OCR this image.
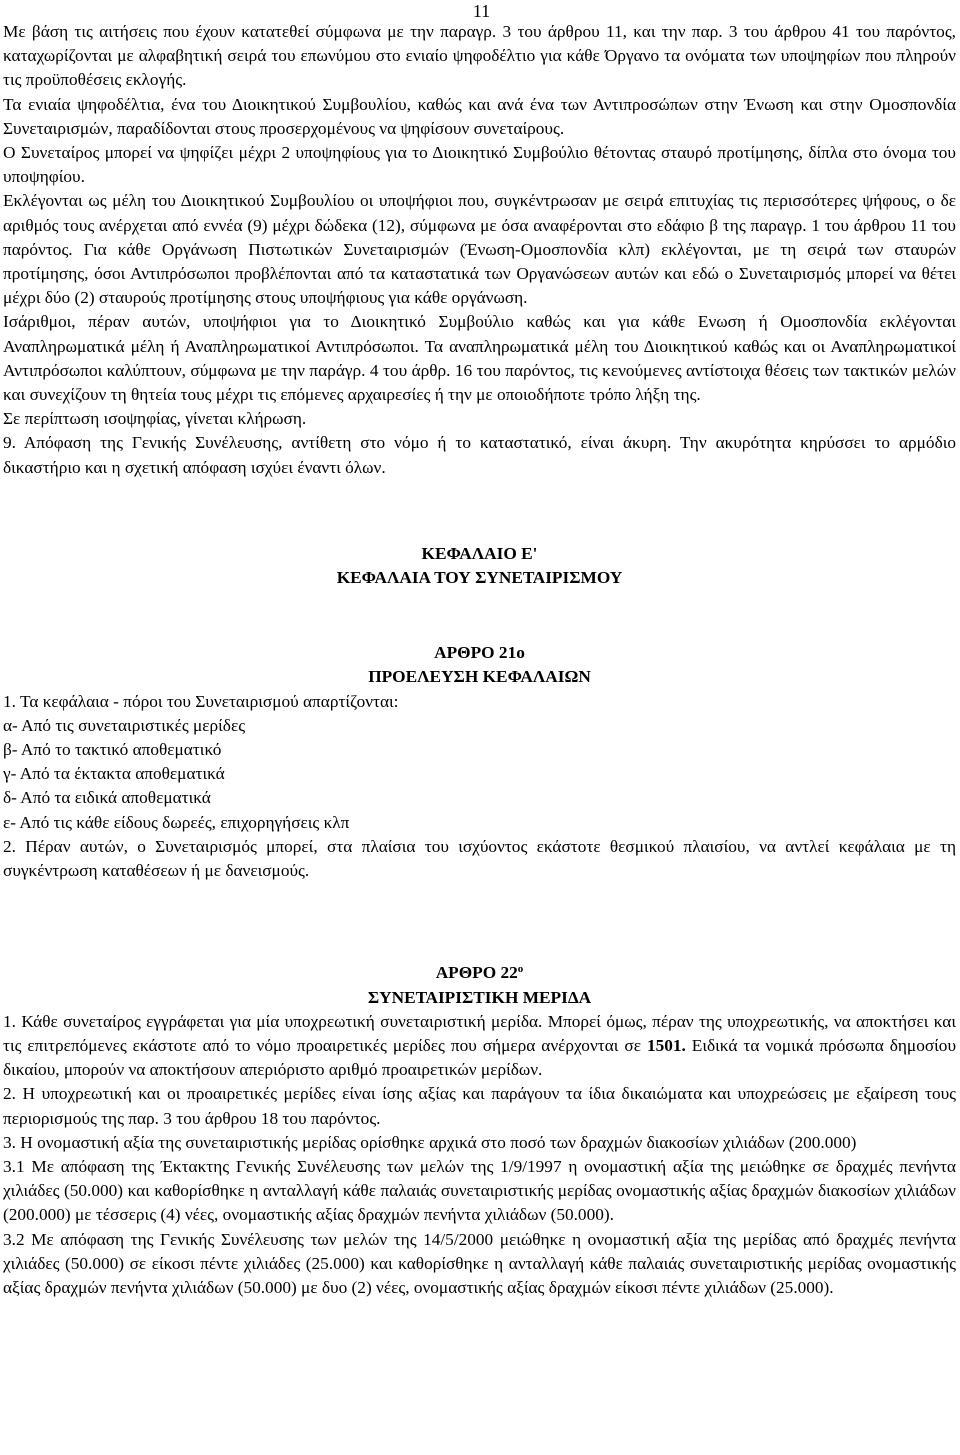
11

Με βάση τις αιτήσεις που έχουν κατατεθεί σύμφωνα με την παραγρ. 3 του άρθρου 11, και την παρ. 3 του άρθρου 41 του παρόντος, καταχωρίζονται με αλφαβητική σειρά του επωνύμου στο ενιαίο ψηφοδέλτιο για κάθε Όργανο τα ονόματα των υποψηφίων που πληρούν τις προϋποθέσεις εκλογής.

Τα ενιαία ψηφοδέλτια, ένα του Διοικητικού Συμβουλίου, καθώς και ανά ένα των Αντιπροσώπων στην Ένωση και στην Ομοσπονδία Συνεταιρισμών, παραδίδονται στους προσερχομένους να ψηφίσουν συνεταίρους.

Ο Συνεταίρος μπορεί να ψηφίζει μέχρι 2 υποψηφίους για το Διοικητικό Συμβούλιο θέτοντας σταυρό προτίμησης, δίπλα στο όνομα του υποψηφίου.

Εκλέγονται ως μέλη του Διοικητικού Συμβουλίου οι υποψήφιοι που, συγκέντρωσαν με σειρά επιτυχίας τις περισσότερες ψήφους, ο δε αριθμός τους ανέρχεται από εννέα (9) μέχρι δώδεκα (12), σύμφωνα με όσα αναφέρονται στο εδάφιο β της παραγρ. 1 του άρθρου 11 του παρόντος. Για κάθε Οργάνωση Πιστωτικών Συνεταιρισμών (Ένωση-Ομοσπονδία κλπ) εκλέγονται, με τη σειρά των σταυρών προτίμησης, όσοι Αντιπρόσωποι προβλέπονται από τα καταστατικά των Οργανώσεων αυτών και εδώ ο Συνεταιρισμός μπορεί να θέτει μέχρι δύο (2) σταυρούς προτίμησης στους υποψήφιους για κάθε οργάνωση.

Ισάριθμοι, πέραν αυτών, υποψήφιοι για το Διοικητικό Συμβούλιο καθώς και για κάθε Ενωση ή Ομοσπονδία εκλέγονται Αναπληρωματικά μέλη ή Αναπληρωματικοί Αντιπρόσωποι. Τα αναπληρωματικά μέλη του Διοικητικού καθώς και οι Αναπληρωματικοί Αντιπρόσωποι καλύπτουν, σύμφωνα με την παράγρ. 4 του άρθρ. 16 του παρόντος, τις κενούμενες αντίστοιχα θέσεις των τακτικών μελών και συνεχίζουν τη θητεία τους μέχρι τις επόμενες αρχαιρεσίες ή την με οποιοδήποτε τρόπο λήξη της.

Σε περίπτωση ισοψηφίας, γίνεται κλήρωση.

9. Απόφαση της Γενικής Συνέλευσης, αντίθετη στο νόμο ή το καταστατικό, είναι άκυρη. Την ακυρότητα κηρύσσει το αρμόδιο δικαστήριο και η σχετική απόφαση ισχύει έναντι όλων.

ΚΕΦΑΛΑΙΟ Ε'

ΚΕΦΑΛΑΙΑ ΤΟΥ ΣΥΝΕΤΑΙΡΙΣΜΟΥ

ΑΡΘΡΟ 21ο

ΠΡΟΕΛΕΥΣΗ ΚΕΦΑΛΑΙΩΝ

1. Τα κεφάλαια - πόροι του Συνεταιρισμού απαρτίζονται:

α- Από τις συνεταιριστικές μερίδες

β- Από το τακτικό αποθεματικό

γ- Από τα έκτακτα αποθεματικά

δ- Από τα ειδικά αποθεματικά

ε- Από τις κάθε είδους δωρεές, επιχορηγήσεις κλπ

2. Πέραν αυτών, ο Συνεταιρισμός μπορεί, στα πλαίσια του ισχύοντος εκάστοτε θεσμικού πλαισίου, να αντλεί κεφάλαια με τη συγκέντρωση καταθέσεων ή με δανεισμούς.

ΑΡΘΡΟ $22^o$

ΣΥΝΕΤΑΙΡΙΣΤΙΚΗ ΜΕΡΙΔΑ

1. Κάθε συνεταίρος εγγράφεται για μία υποχρεωτική συνεταιριστική μερίδα. Μπορεί όμως, πέραν της υποχρεωτικής, να αποκτήσει και τις επιτρεπόμενες εκάστοτε από το νόμο προαιρετικές μερίδες που σήμερα ανέρχονται σε 1501. Ειδικά τα νομικά πρόσωπα δημοσίου δικαίου, μπορούν να αποκτήσουν απεριόριστο αριθμό προαιρετικών μερίδων.

2. Η υποχρεωτική και οι προαιρετικές μερίδες είναι ίσης αξίας και παράγουν τα ίδια δικαιώματα και υποχρεώσεις με εξαίρεση τους περιορισμούς της παρ. 3 του άρθρου 18 του παρόντος.

3. Η ονομαστική αξία της συνεταιριστικής μερίδας ορίσθηκε αρχικά στο ποσό των δραχμών διακοσίων χιλιάδων (200.000)

3.1 Με απόφαση της Έκτακτης Γενικής Συνέλευσης των μελών της 1/9/1997 η ονομαστική αξία της μειώθηκε σε δραχμές πενήντα χιλιάδες (50.000) και καθορίσθηκε η ανταλλαγή κάθε παλαιάς συνεταιριστικής μερίδας ονομαστικής αξίας δραχμών διακοσίων χιλιάδων (200.000) με τέσσερις (4) νέες, ονομαστικής αξίας δραχμών πενήντα χιλιάδων (50.000).

3.2 Με απόφαση της Γενικής Συνέλευσης των μελών της 14/5/2000 μειώθηκε η ονομαστική αξία της μερίδας από δραχμές πενήντα χιλιάδες (50.000) σε είκοσι πέντε χιλιάδες (25.000) και καθορίσθηκε η ανταλλαγή κάθε παλαιάς συνεταιριστικής μερίδας ονομαστικής αξίας δραχμών πενήντα χιλιάδων (50.000) με δυο (2) νέες, ονομαστικής αξίας δραχμών είκοσι πέντε χιλιάδων (25.000).
